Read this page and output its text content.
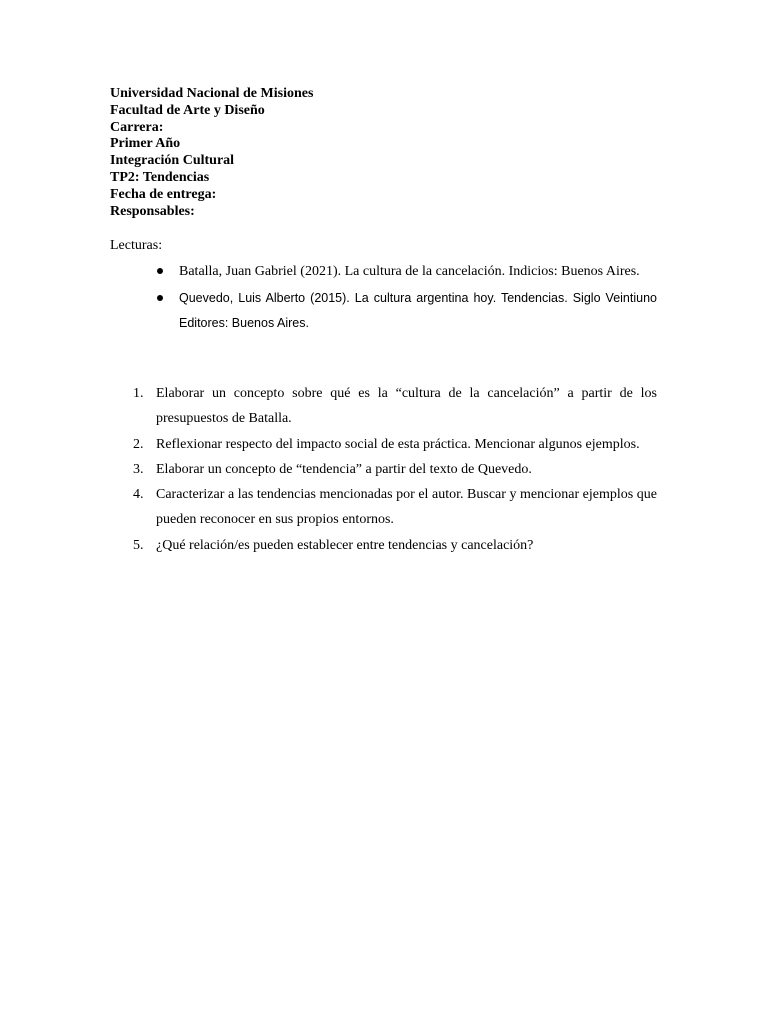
Universidad Nacional de Misiones
Facultad de Arte y Diseño
Carrera:
Primer Año
Integración Cultural
TP2: Tendencias
Fecha de entrega:
Responsables:
Lecturas:
Batalla, Juan Gabriel (2021). La cultura de la cancelación. Indicios: Buenos Aires.
Quevedo, Luis Alberto (2015). La cultura argentina hoy. Tendencias. Siglo Veintiuno Editores: Buenos Aires.
1. Elaborar un concepto sobre qué es la “cultura de la cancelación” a partir de los presupuestos de Batalla.
2. Reflexionar respecto del impacto social de esta práctica. Mencionar algunos ejemplos.
3. Elaborar un concepto de “tendencia” a partir del texto de Quevedo.
4. Caracterizar a las tendencias mencionadas por el autor. Buscar y mencionar ejemplos que pueden reconocer en sus propios entornos.
5. ¿Qué relación/es pueden establecer entre tendencias y cancelación?
